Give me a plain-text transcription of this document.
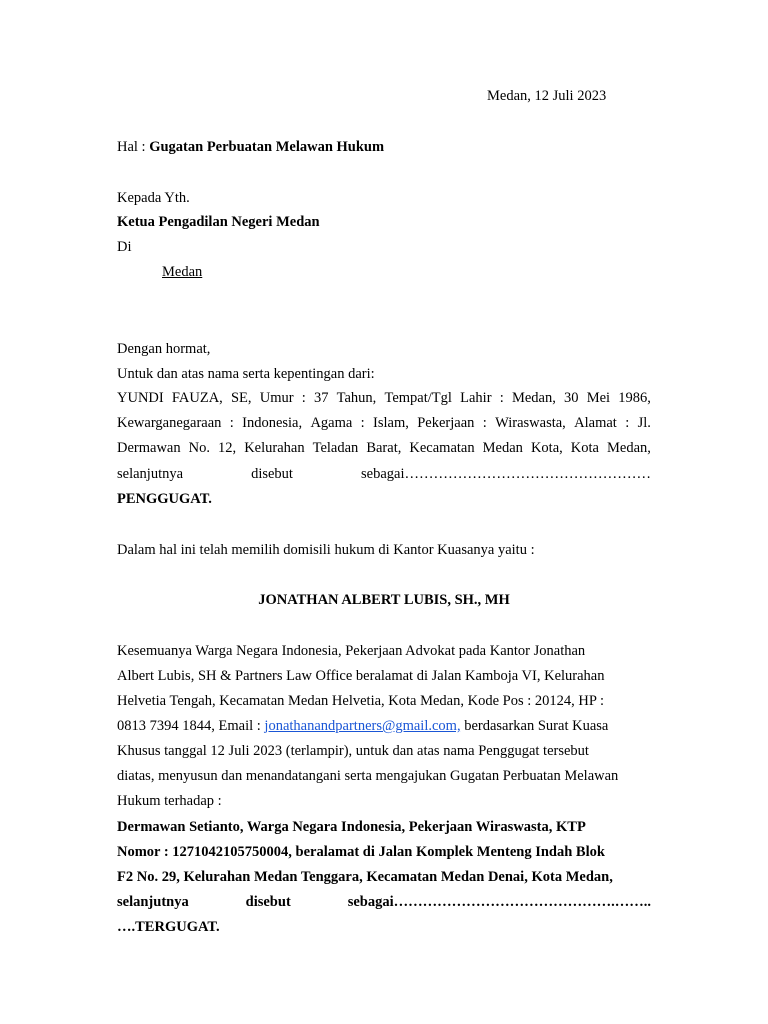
Medan, 12 Juli 2023
Hal : Gugatan Perbuatan Melawan Hukum
Kepada Yth.
Ketua Pengadilan Negeri Medan
Di
Medan
Dengan hormat,
Untuk dan atas nama serta kepentingan dari:
YUNDI FAUZA, SE, Umur : 37 Tahun, Tempat/Tgl Lahir : Medan, 30 Mei 1986,
Kewarganegaraan : Indonesia, Agama : Islam, Pekerjaan : Wiraswasta, Alamat : Jl.
Dermawan No. 12, Kelurahan Teladan Barat, Kecamatan Medan Kota, Kota Medan,
selanjutnya	disebut	sebagai……………………………………………
PENGGUGAT.
Dalam hal ini telah memilih domisili hukum di Kantor Kuasanya yaitu :
JONATHAN ALBERT LUBIS, SH., MH
Kesemuanya Warga Negara Indonesia, Pekerjaan Advokat pada Kantor Jonathan
Albert Lubis, SH & Partners Law Office beralamat di Jalan Kamboja VI, Kelurahan
Helvetia Tengah, Kecamatan Medan Helvetia, Kota Medan, Kode Pos : 20124, HP :
0813 7394 1844, Email : jonathanandpartners@gmail.com, berdasarkan Surat Kuasa
Khusus tanggal 12 Juli 2023 (terlampir), untuk dan atas nama Penggugat tersebut
diatas, menyusun dan menandatangani serta mengajukan Gugatan Perbuatan Melawan
Hukum terhadap :
Dermawan Setianto, Warga Negara Indonesia, Pekerjaan Wiraswasta, KTP
Nomor : 1271042105750004, beralamat di Jalan Komplek Menteng Indah Blok
F2 No. 29, Kelurahan Medan Tenggara, Kecamatan Medan Denai, Kota Medan,
selanjutnya	disebut	sebagai……………………………………….……..
….TERGUGAT.
